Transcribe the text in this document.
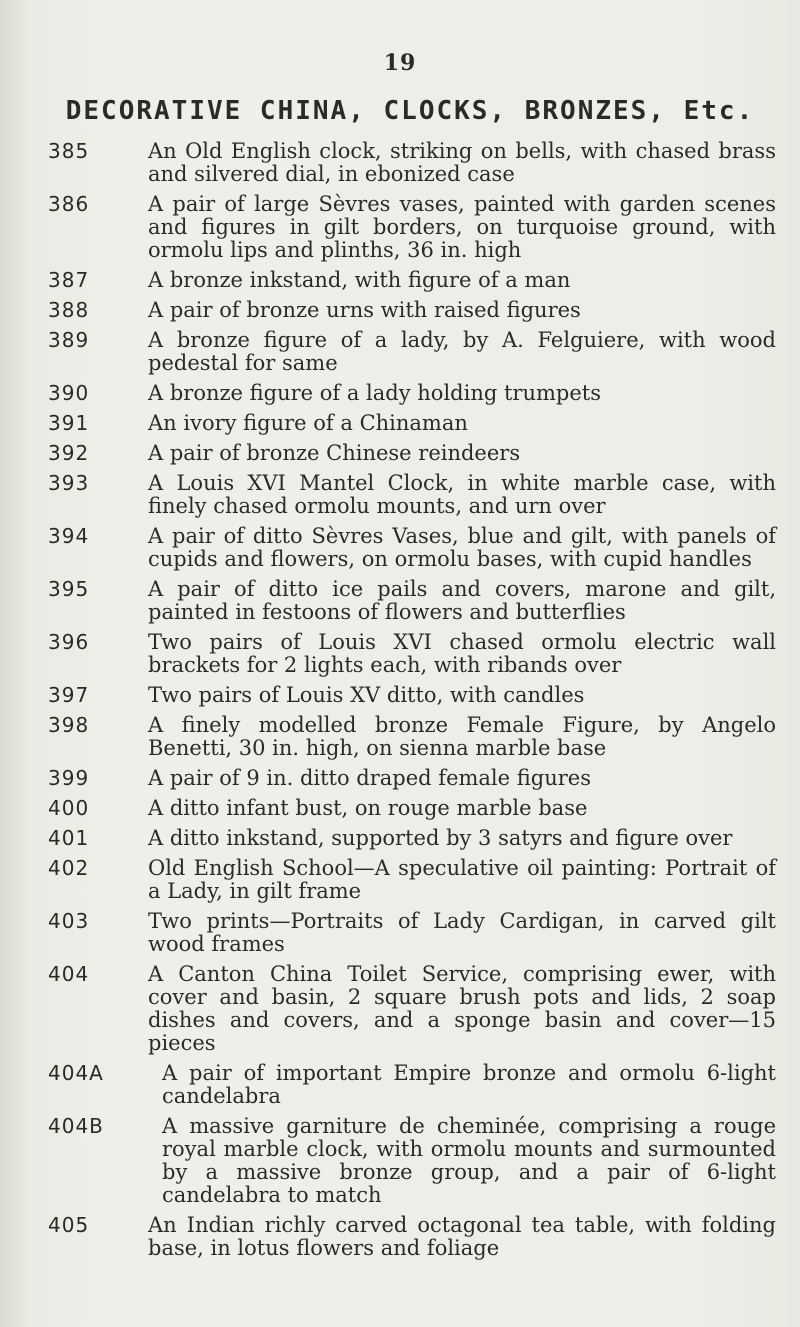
19
DECORATIVE CHINA, CLOCKS, BRONZES, Etc.
385	An Old English clock, striking on bells, with chased brass and silvered dial, in ebonized case
386	A pair of large Sèvres vases, painted with garden scenes and figures in gilt borders, on turquoise ground, with ormolu lips and plinths, 36 in. high
387	A bronze inkstand, with figure of a man
388	A pair of bronze urns with raised figures
389	A bronze figure of a lady, by A. Felguiere, with wood pedestal for same
390	A bronze figure of a lady holding trumpets
391	An ivory figure of a Chinaman
392	A pair of bronze Chinese reindeers
393	A Louis XVI Mantel Clock, in white marble case, with finely chased ormolu mounts, and urn over
394	A pair of ditto Sèvres Vases, blue and gilt, with panels of cupids and flowers, on ormolu bases, with cupid handles
395	A pair of ditto ice pails and covers, marone and gilt, painted in festoons of flowers and butterflies
396	Two pairs of Louis XVI chased ormolu electric wall brackets for 2 lights each, with ribands over
397	Two pairs of Louis XV ditto, with candles
398	A finely modelled bronze Female Figure, by Angelo Benetti, 30 in. high, on sienna marble base
399	A pair of 9 in. ditto draped female figures
400	A ditto infant bust, on rouge marble base
401	A ditto inkstand, supported by 3 satyrs and figure over
402	Old English School—A speculative oil painting: Portrait of a Lady, in gilt frame
403	Two prints—Portraits of Lady Cardigan, in carved gilt wood frames
404	A Canton China Toilet Service, comprising ewer, with cover and basin, 2 square brush pots and lids, 2 soap dishes and covers, and a sponge basin and cover—15 pieces
404A	A pair of important Empire bronze and ormolu 6-light candelabra
404B	A massive garniture de cheminée, comprising a rouge royal marble clock, with ormolu mounts and surmounted by a massive bronze group, and a pair of 6-light candelabra to match
405	An Indian richly carved octagonal tea table, with folding base, in lotus flowers and foliage
